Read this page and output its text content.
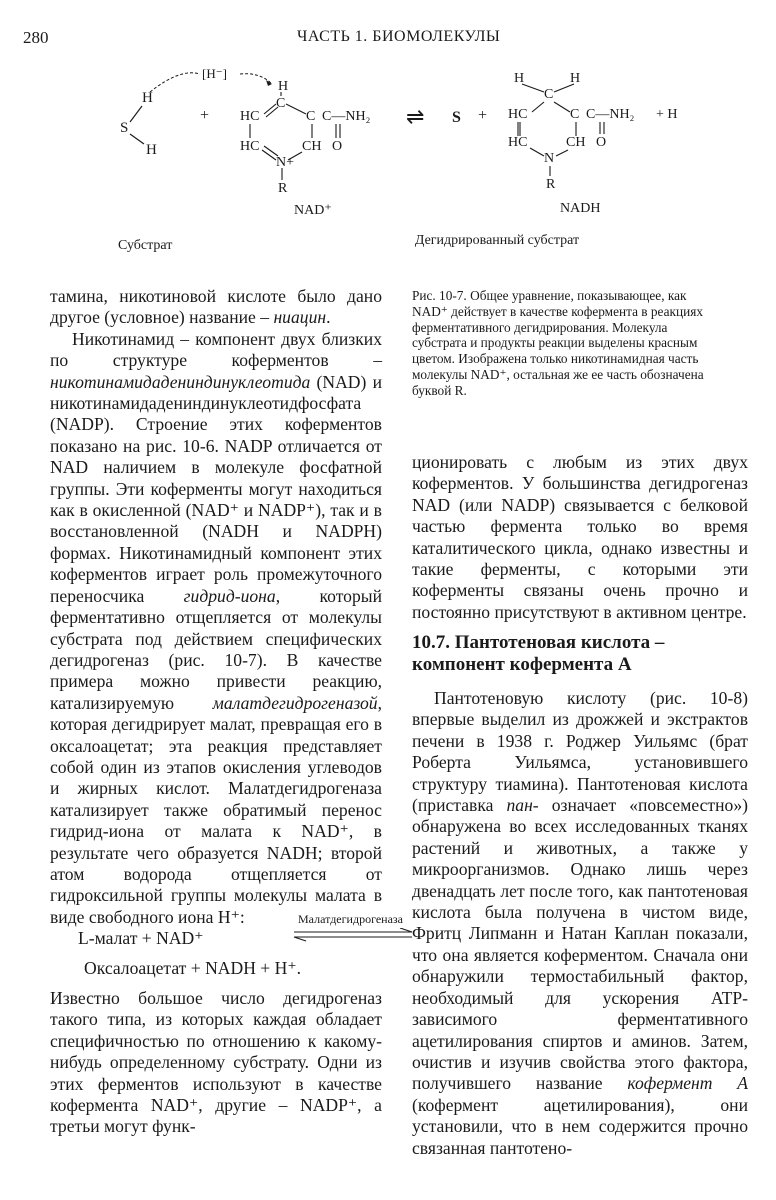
280	ЧАСТЬ 1. БИОМОЛЕКУЛЫ
H
S
H
[H⁻]
+
H
C
HC	C C—NH₂
O
HC	CH
N+
R
NAD⁺
⇌ S +
H	H
C
HC	C C—NH₂ + H
HC	CH O
N
R
NADH
Субстрат	Дегидрированный субстрат
Рис. 10-7. Общее уравнение, показывающее, как NAD⁺ действует в качестве кофермента в реакциях ферментативного дегидрирования. Молекула субстрата и продукты реакции выделены красным цветом. Изображена только никотинамидная часть молекулы NAD⁺, остальная же ее часть обозначена буквой R.

тамина, никотиновой кислоте было дано другое (условное) название – ниацин.

Никотинамид – компонент двух близких по структуре коферментов – никотинамидадениндинуклеотида (NAD) и никотинамидадениндинуклеотидфосфата (NADP). Строение этих коферментов показано на рис. 10-6. NADP отличается от NAD наличием в молекуле фосфатной группы. Эти коферменты могут находиться как в окисленной (NAD⁺ и NADP⁺), так и в восстановленной (NADH и NADPH) формах. Никотинамидный компонент этих коферментов играет роль промежуточного переносчика гидрид-иона, который ферментативно отщепляется от молекулы субстрата под действием специфических дегидрогеназ (рис. 10-7). В качестве примера можно привести реакцию, катализируемую малатдегидрогеназой, которая дегидрирует малат, превращая его в оксалоацетат; эта реакция представляет собой один из этапов окисления углеводов и жирных кислот. Малатдегидрогеназа катализирует также обратимый перенос гидрид-иона от малата к NAD⁺, в результате чего образуется NADH; второй атом водорода отщепляется от гидроксильной группы молекулы малата в виде свободного иона H⁺:

L-малат + NAD⁺
Малатдегидрогеназа
Оксалоацетат + NADH + H⁺.

Известно большое число дегидрогеназ такого типа, из которых каждая обладает специфичностью по отношению к какому-нибудь определенному субстрату. Одни из этих ферментов используют в качестве кофермента NAD⁺, другие – NADP⁺, а третьи могут функ-

ционировать с любым из этих двух коферментов. У большинства дегидрогеназ NAD (или NADP) связывается с белковой частью фермента только во время каталитического цикла, однако известны и такие ферменты, с которыми эти коферменты связаны очень прочно и постоянно присутствуют в активном центре.

10.7. Пантотеновая кислота – компонент кофермента А

Пантотеновую кислоту (рис. 10-8) впервые выделил из дрожжей и экстрактов печени в 1938 г. Роджер Уильямс (брат Роберта Уильямса, установившего структуру тиамина). Пантотеновая кислота (приставка пан- означает «повсеместно») обнаружена во всех исследованных тканях растений и животных, а также у микроорганизмов. Однако лишь через двенадцать лет после того, как пантотеновая кислота была получена в чистом виде, Фритц Липманн и Натан Каплан показали, что она является коферментом. Сначала они обнаружили термостабильный фактор, необходимый для ускорения ATP-зависимого ферментативного ацетилирования спиртов и аминов. Затем, очистив и изучив свойства этого фактора, получившего название кофермент А (кофермент ацетилирования), они установили, что в нем содержится прочно связанная пантотено-
